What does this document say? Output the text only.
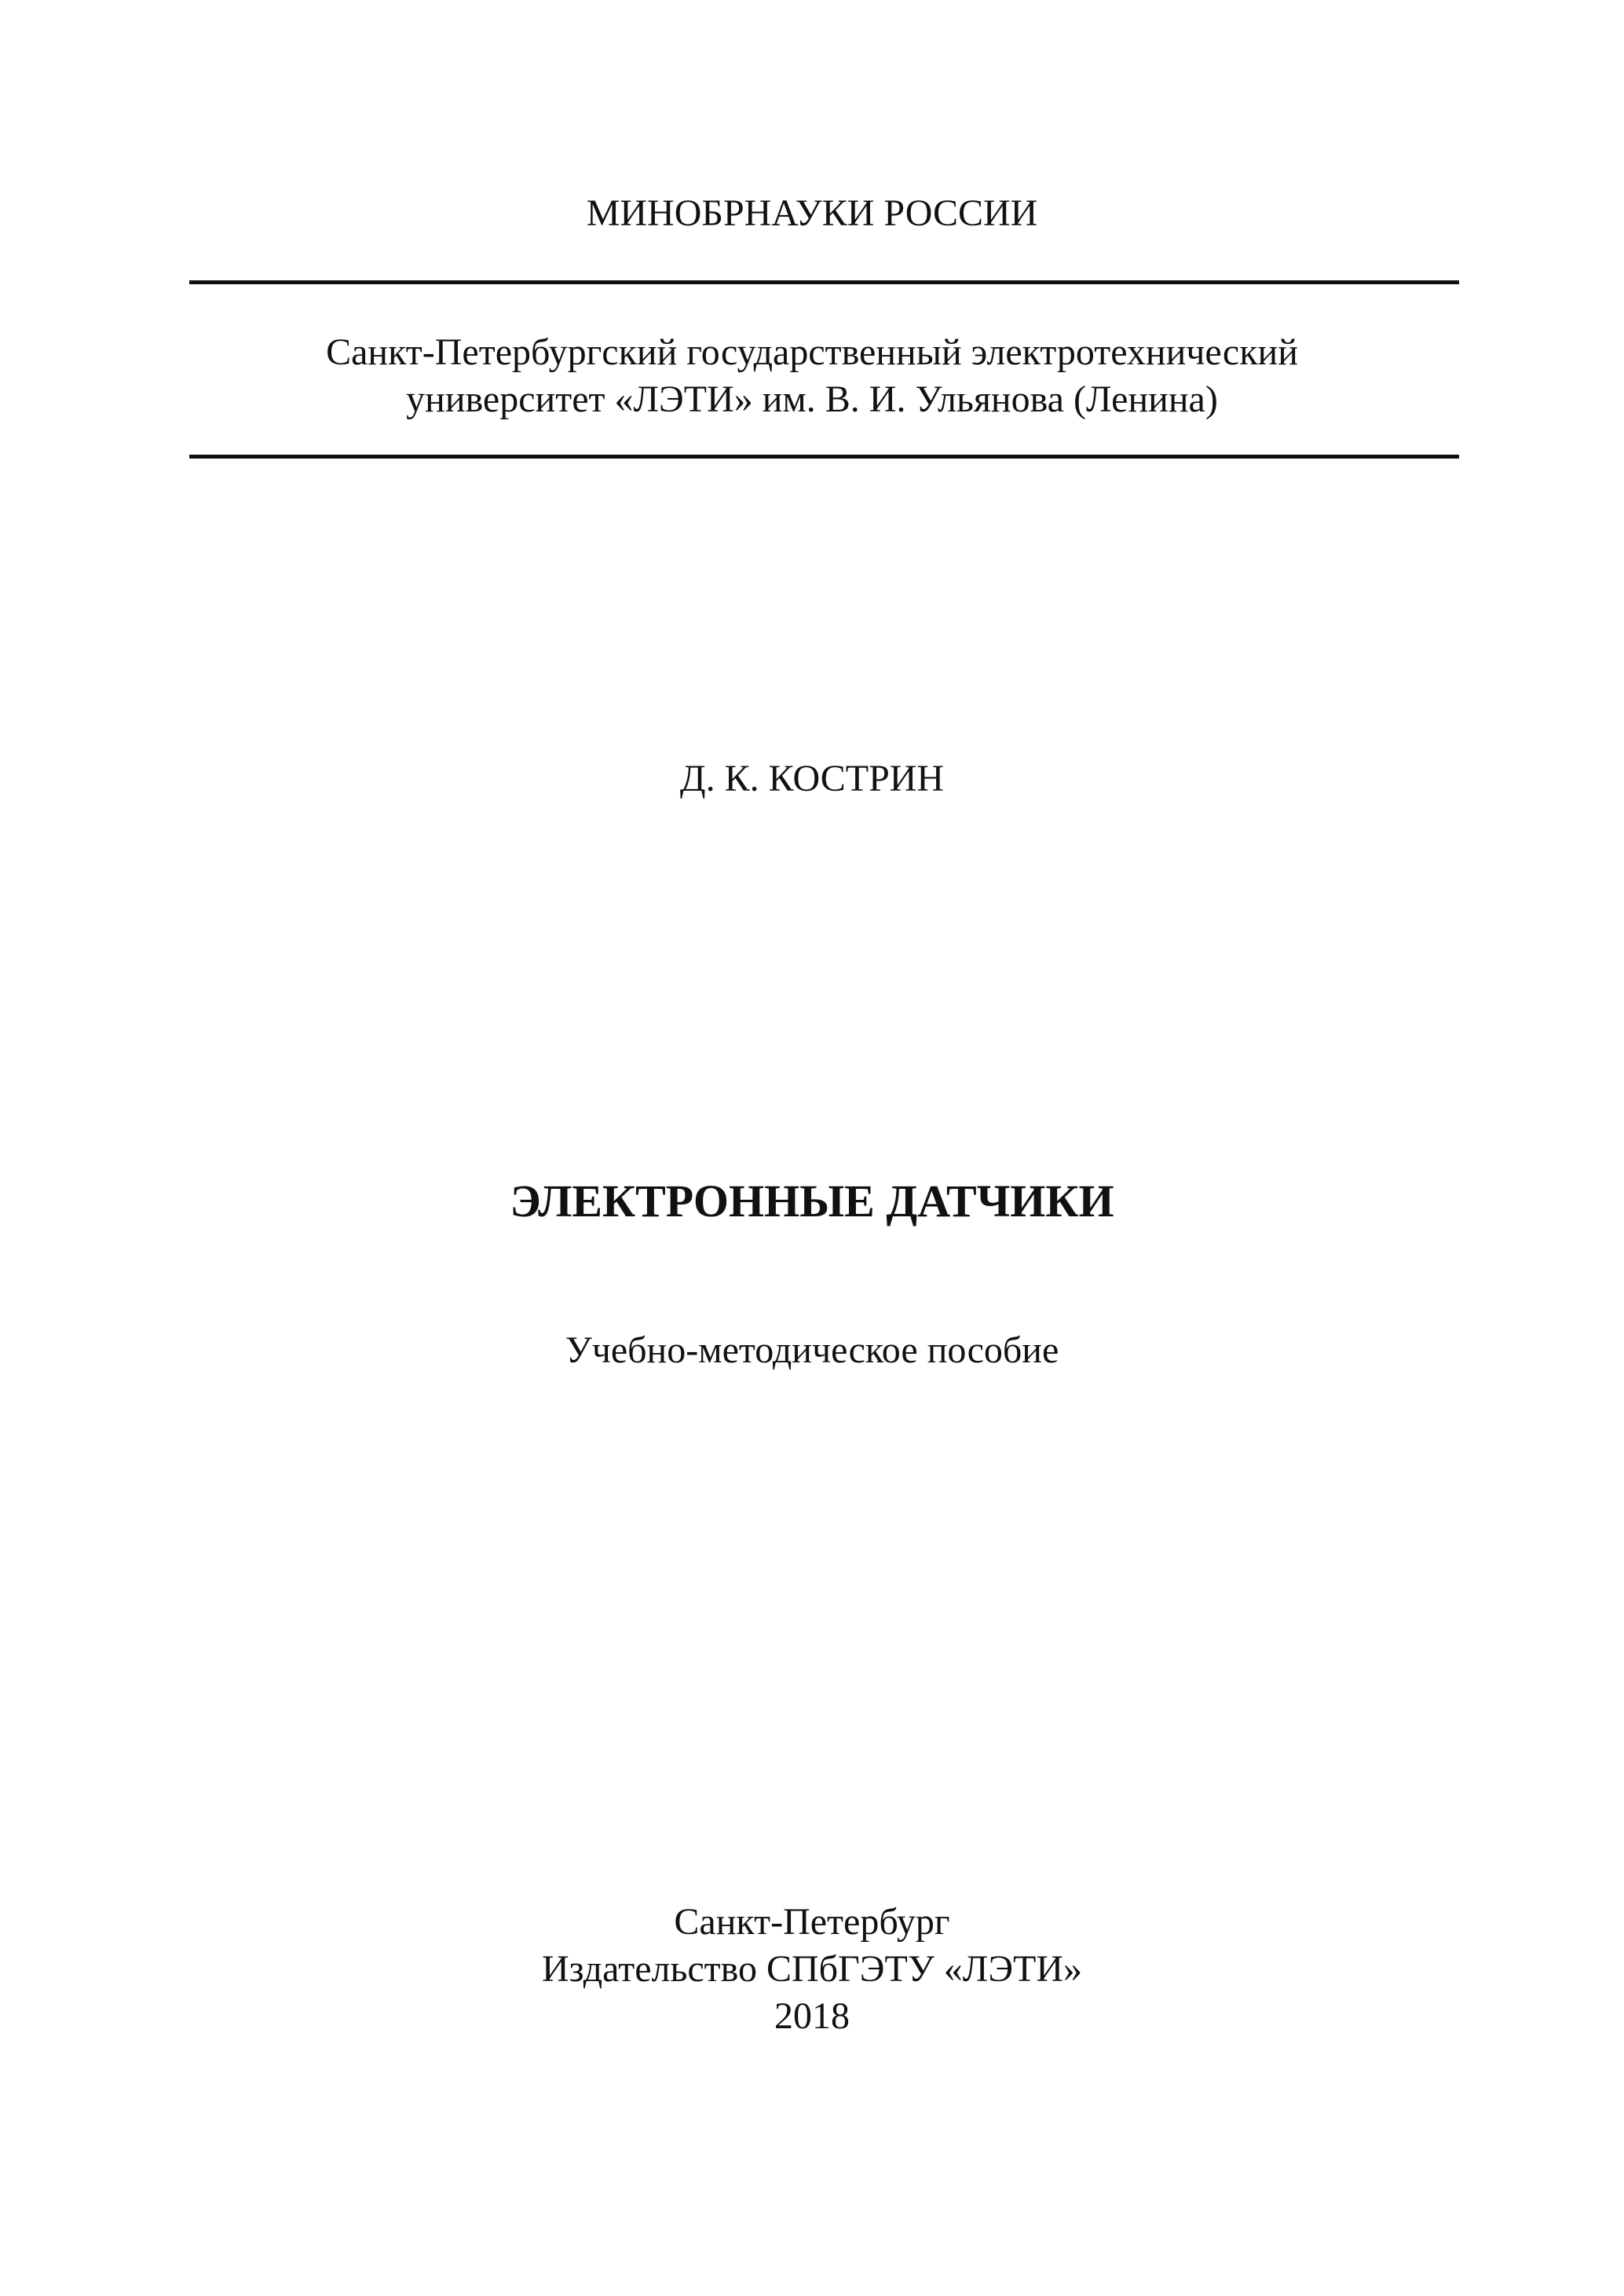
МИНОБРНАУКИ РОССИИ
Санкт-Петербургский государственный электротехнический
университет «ЛЭТИ» им. В. И. Ульянова (Ленина)
Д. К. КОСТРИН
ЭЛЕКТРОННЫЕ ДАТЧИКИ
Учебно-методическое пособие
Санкт-Петербург
Издательство СПбГЭТУ «ЛЭТИ»
2018
